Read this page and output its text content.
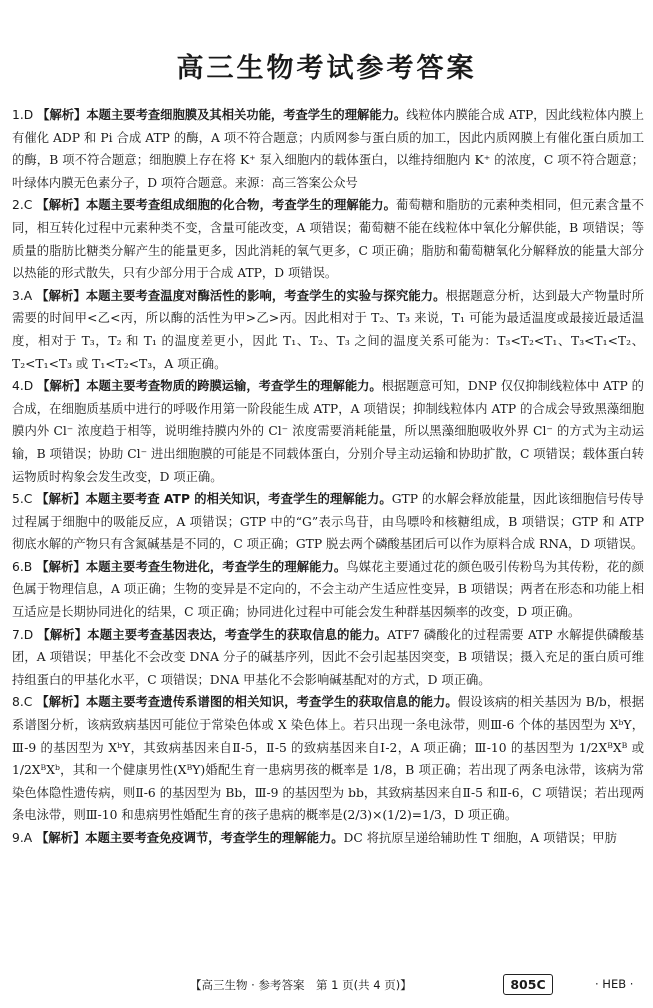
高三生物考试参考答案

1.D 【解析】本题主要考查细胞膜及其相关功能，考查学生的理解能力。线粒体内膜能合成 ATP，因此线粒体内膜上有催化 ADP 和 Pi 合成 ATP 的酶，A 项不符合题意；内质网参与蛋白质的加工，因此内质网膜上有催化蛋白质加工的酶，B 项不符合题意；细胞膜上存在将 K⁺ 泵入细胞内的载体蛋白，以维持细胞内 K⁺ 的浓度，C 项不符合题意；叶绿体内膜无色素分子，D 项符合题意。来源：高三答案公众号

2.C 【解析】本题主要考查组成细胞的化合物，考查学生的理解能力。葡萄糖和脂肪的元素种类相同，但元素含量不同，相互转化过程中元素种类不变，含量可能改变，A 项错误；葡萄糖不能在线粒体中氧化分解供能，B 项错误；等质量的脂肪比糖类分解产生的能量更多，因此消耗的氧气更多，C 项正确；脂肪和葡萄糖氧化分解释放的能量大部分以热能的形式散失，只有少部分用于合成 ATP，D 项错误。

3.A 【解析】本题主要考查温度对酶活性的影响，考查学生的实验与探究能力。根据题意分析，达到最大产物量时所需要的时间甲<乙<丙，所以酶的活性为甲>乙>丙。因此相对于 T₂、T₃ 来说，T₁ 可能为最适温度或最接近最适温度，相对于 T₃，T₂ 和 T₁ 的温度差更小，因此 T₁、T₂、T₃ 之间的温度关系可能为：T₃<T₂<T₁、T₃<T₁<T₂、T₂<T₁<T₃ 或 T₁<T₂<T₃，A 项正确。

4.D 【解析】本题主要考查物质的跨膜运输，考查学生的理解能力。根据题意可知，DNP 仅仅抑制线粒体中 ATP 的合成，在细胞质基质中进行的呼吸作用第一阶段能生成 ATP，A 项错误；抑制线粒体内 ATP 的合成会导致黑藻细胞膜内外 Cl⁻ 浓度趋于相等，说明维持膜内外的 Cl⁻ 浓度需要消耗能量，所以黑藻细胞吸收外界 Cl⁻ 的方式为主动运输，B 项错误；协助 Cl⁻ 进出细胞膜的可能是不同载体蛋白，分别介导主动运输和协助扩散，C 项错误；载体蛋白转运物质时构象会发生改变，D 项正确。

5.C 【解析】本题主要考查 ATP 的相关知识，考查学生的理解能力。GTP 的水解会释放能量，因此该细胞信号传导过程属于细胞中的吸能反应，A 项错误；GTP 中的“G”表示鸟苷，由鸟嘌呤和核糖组成，B 项错误；GTP 和 ATP 彻底水解的产物只有含氮碱基是不同的，C 项正确；GTP 脱去两个磷酸基团后可以作为原料合成 RNA，D 项错误。

6.B 【解析】本题主要考查生物进化，考查学生的理解能力。鸟媒花主要通过花的颜色吸引传粉鸟为其传粉，花的颜色属于物理信息，A 项正确；生物的变异是不定向的，不会主动产生适应性变异，B 项错误；两者在形态和功能上相互适应是长期协同进化的结果，C 项正确；协同进化过程中可能会发生种群基因频率的改变，D 项正确。

7.D 【解析】本题主要考查基因表达，考查学生的获取信息的能力。ATF7 磷酸化的过程需要 ATP 水解提供磷酸基团，A 项错误；甲基化不会改变 DNA 分子的碱基序列，因此不会引起基因突变，B 项错误；摄入充足的蛋白质可维持组蛋白的甲基化水平，C 项错误；DNA 甲基化不会影响碱基配对的方式，D 项正确。

8.C 【解析】本题主要考查遗传系谱图的相关知识，考查学生的获取信息的能力。假设该病的相关基因为 B/b，根据系谱图分析，该病致病基因可能位于常染色体或 X 染色体上。若只出现一条电泳带，则Ⅲ-6 个体的基因型为 XᵇY，Ⅲ-9 的基因型为 XᵇY，其致病基因来自Ⅱ-5，Ⅱ-5 的致病基因来自Ⅰ-2，A 项正确；Ⅲ-10 的基因型为 1/2XᴮXᴮ 或 1/2XᴮXᵇ，其和一个健康男性(XᴮY)婚配生育一患病男孩的概率是 1/8，B 项正确；若出现了两条电泳带，该病为常染色体隐性遗传病，则Ⅱ-6 的基因型为 Bb，Ⅲ-9 的基因型为 bb，其致病基因来自Ⅱ-5 和Ⅱ-6，C 项错误；若出现两条电泳带，则Ⅲ-10 和患病男性婚配生育的孩子患病的概率是(2/3)×(1/2)=1/3，D 项正确。

9.A 【解析】本题主要考查免疫调节，考查学生的理解能力。DC 将抗原呈递给辅助性 T 细胞，A 项错误；甲肪

【高三生物 · 参考答案　第 1 页(共 4 页)】	805C	· HEB ·
